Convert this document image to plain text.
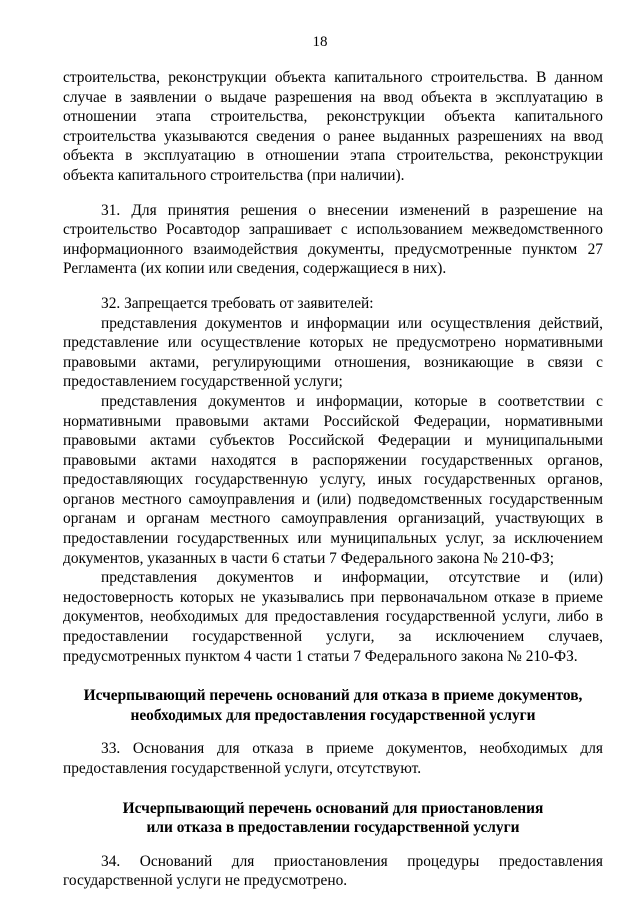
18

строительства, реконструкции объекта капитального строительства. В данном случае в заявлении о выдаче разрешения на ввод объекта в эксплуатацию в отношении этапа строительства, реконструкции объекта капитального строительства указываются сведения о ранее выданных разрешениях на ввод объекта в эксплуатацию в отношении этапа строительства, реконструкции объекта капитального строительства (при наличии).

31. Для принятия решения о внесении изменений в разрешение на строительство Росавтодор запрашивает с использованием межведомственного информационного взаимодействия документы, предусмотренные пунктом 27 Регламента (их копии или сведения, содержащиеся в них).

32. Запрещается требовать от заявителей:

представления документов и информации или осуществления действий, представление или осуществление которых не предусмотрено нормативными правовыми актами, регулирующими отношения, возникающие в связи с предоставлением государственной услуги;

представления документов и информации, которые в соответствии с нормативными правовыми актами Российской Федерации, нормативными правовыми актами субъектов Российской Федерации и муниципальными правовыми актами находятся в распоряжении государственных органов, предоставляющих государственную услугу, иных государственных органов, органов местного самоуправления и (или) подведомственных государственным органам и органам местного самоуправления организаций, участвующих в предоставлении государственных или муниципальных услуг, за исключением документов, указанных в части 6 статьи 7 Федерального закона № 210-ФЗ;

представления документов и информации, отсутствие и (или) недостоверность которых не указывались при первоначальном отказе в приеме документов, необходимых для предоставления государственной услуги, либо в предоставлении государственной услуги, за исключением случаев, предусмотренных пунктом 4 части 1 статьи 7 Федерального закона № 210-ФЗ.

Исчерпывающий перечень оснований для отказа в приеме документов,
необходимых для предоставления государственной услуги

33. Основания для отказа в приеме документов, необходимых для предоставления государственной услуги, отсутствуют.

Исчерпывающий перечень оснований для приостановления
или отказа в предоставлении государственной услуги

34. Оснований для приостановления процедуры предоставления государственной услуги не предусмотрено.
